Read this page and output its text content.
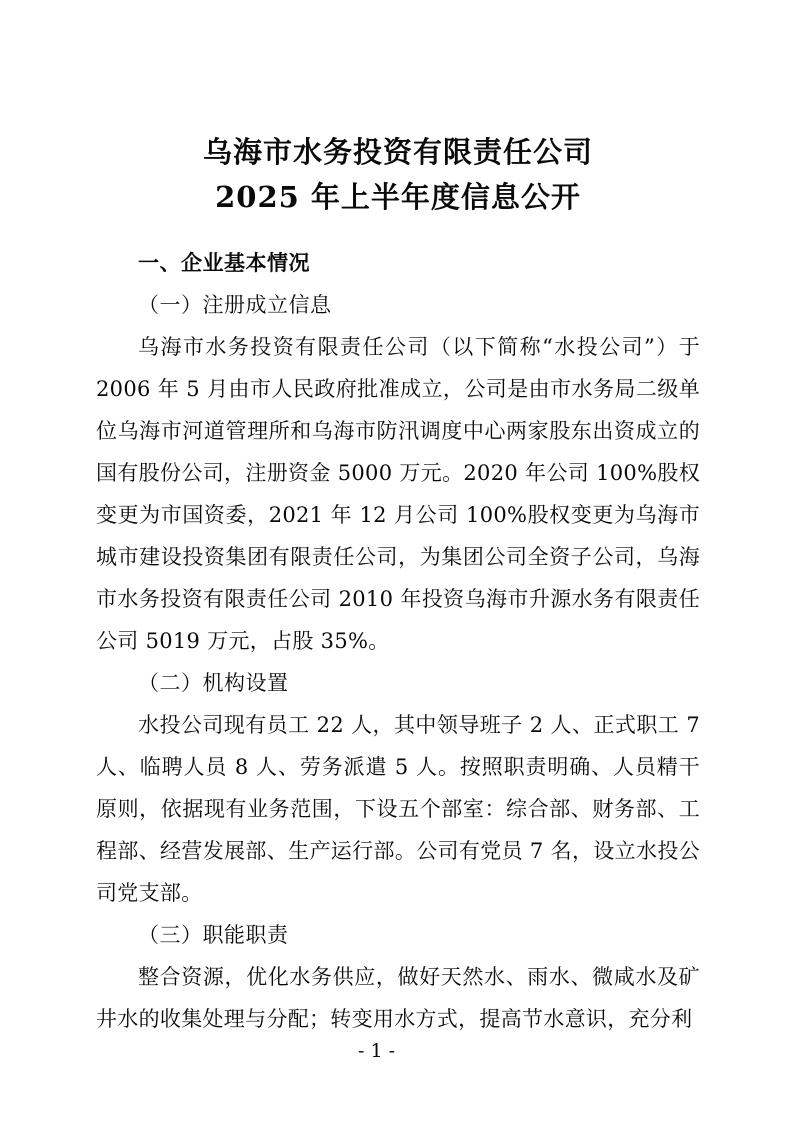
乌海市水务投资有限责任公司
2025 年上半年度信息公开
一、企业基本情况
（一）注册成立信息
乌海市水务投资有限责任公司（以下简称“水投公司”）于 2006 年 5 月由市人民政府批准成立，公司是由市水务局二级单位乌海市河道管理所和乌海市防汛调度中心两家股东出资成立的国有股份公司，注册资金 5000 万元。2020 年公司 100%股权变更为市国资委，2021 年 12 月公司 100%股权变更为乌海市城市建设投资集团有限责任公司，为集团公司全资子公司，乌海市水务投资有限责任公司 2010 年投资乌海市升源水务有限责任公司 5019 万元，占股 35%。
（二）机构设置
水投公司现有员工 22 人，其中领导班子 2 人、正式职工 7 人、临聘人员 8 人、劳务派遣 5 人。按照职责明确、人员精干原则，依据现有业务范围，下设五个部室：综合部、财务部、工程部、经营发展部、生产运行部。公司有党员 7 名，设立水投公司党支部。
（三）职能职责
整合资源，优化水务供应，做好天然水、雨水、微咸水及矿井水的收集处理与分配；转变用水方式，提高节水意识，充分利
- 1 -
